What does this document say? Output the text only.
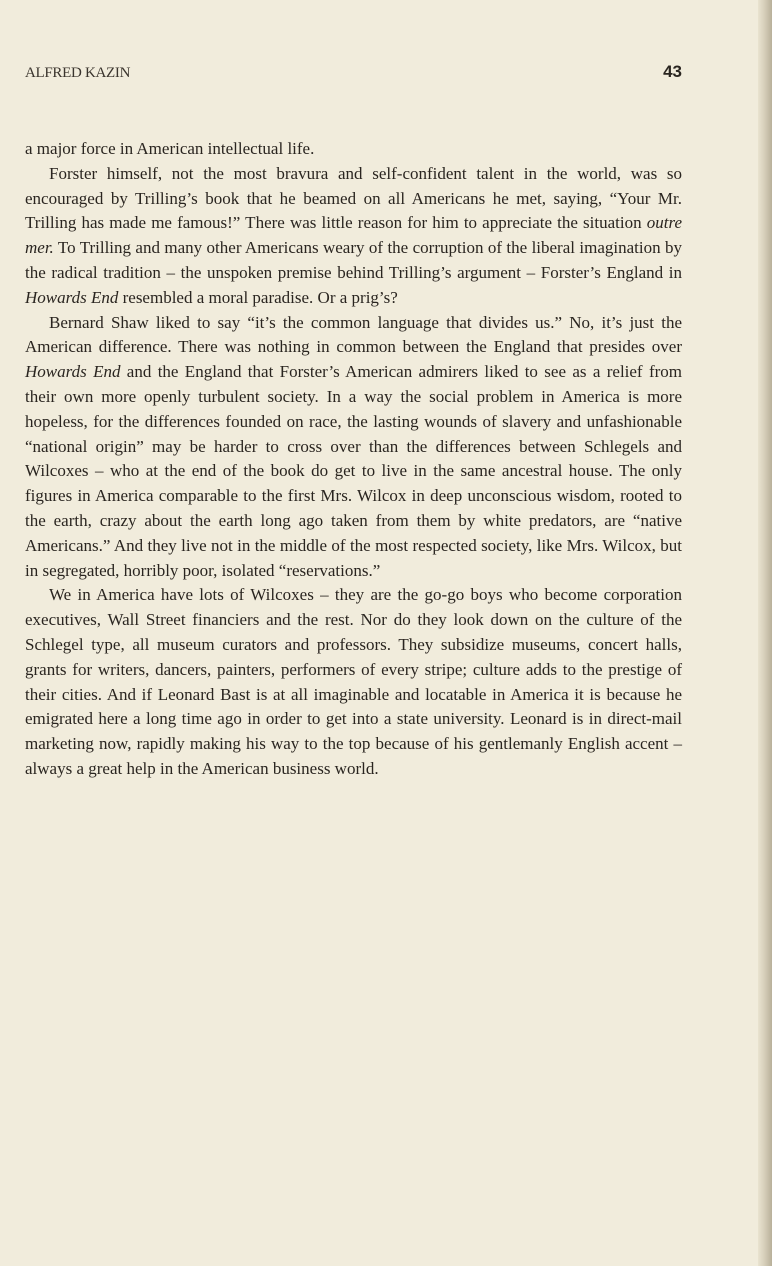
ALFRED KAZIN	43

a major force in American intellectual life.

Forster himself, not the most bravura and self-confident talent in the world, was so encouraged by Trilling’s book that he beamed on all Americans he met, saying, “Your Mr. Trilling has made me famous!” There was little reason for him to appreciate the situation outre mer. To Trilling and many other Americans weary of the corruption of the liberal imagination by the radical tradition – the unspoken premise behind Trilling’s argument – Forster’s England in Howards End resembled a moral paradise. Or a prig’s?

Bernard Shaw liked to say “it’s the common language that divides us.” No, it’s just the American difference. There was nothing in common between the England that presides over Howards End and the England that Forster’s American admirers liked to see as a relief from their own more openly turbulent society. In a way the social problem in America is more hopeless, for the differences founded on race, the lasting wounds of slavery and unfashionable “national origin” may be harder to cross over than the differences between Schlegels and Wilcoxes – who at the end of the book do get to live in the same ancestral house. The only figures in America comparable to the first Mrs. Wilcox in deep unconscious wisdom, rooted to the earth, crazy about the earth long ago taken from them by white predators, are “native Americans.” And they live not in the middle of the most respected society, like Mrs. Wilcox, but in segregated, horribly poor, isolated “reservations.”

We in America have lots of Wilcoxes – they are the go-go boys who become corporation executives, Wall Street financiers and the rest. Nor do they look down on the culture of the Schlegel type, all museum curators and professors. They subsidize museums, concert halls, grants for writers, dancers, painters, performers of every stripe; culture adds to the prestige of their cities. And if Leonard Bast is at all imaginable and locatable in America it is because he emigrated here a long time ago in order to get into a state university. Leonard is in direct-mail marketing now, rapidly making his way to the top because of his gentlemanly English accent – always a great help in the American business world.
